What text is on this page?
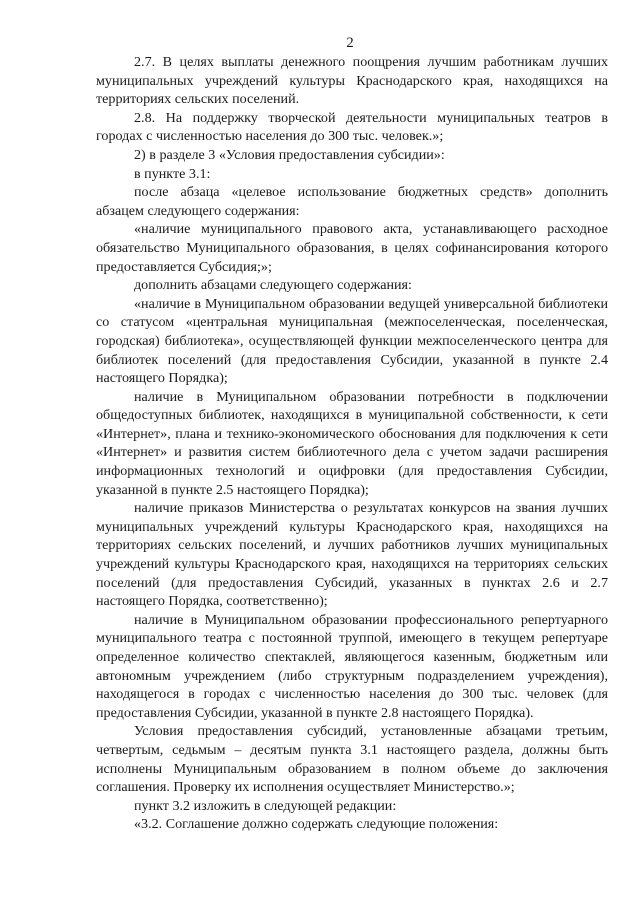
2

2.7. В целях выплаты денежного поощрения лучшим работникам лучших муниципальных учреждений культуры Краснодарского края, находящихся на территориях сельских поселений.

2.8. На поддержку творческой деятельности муниципальных театров в городах с численностью населения до 300 тыс. человек.»;

2) в разделе 3 «Условия предоставления субсидии»:

в пункте 3.1:

после абзаца «целевое использование бюджетных средств» дополнить абзацем следующего содержания:

«наличие муниципального правового акта, устанавливающего расходное обязательство Муниципального образования, в целях софинансирования которого предоставляется Субсидия;»;

дополнить абзацами следующего содержания:

«наличие в Муниципальном образовании ведущей универсальной библиотеки со статусом «центральная муниципальная (межпоселенческая, поселенческая, городская) библиотека», осуществляющей функции межпоселенческого центра для библиотек поселений (для предоставления Субсидии, указанной в пункте 2.4 настоящего Порядка);

наличие в Муниципальном образовании потребности в подключении общедоступных библиотек, находящихся в муниципальной собственности, к сети «Интернет», плана и технико-экономического обоснования для подключения к сети «Интернет» и развития систем библиотечного дела с учетом задачи расширения информационных технологий и оцифровки (для предоставления Субсидии, указанной в пункте 2.5 настоящего Порядка);

наличие приказов Министерства о результатах конкурсов на звания лучших муниципальных учреждений культуры Краснодарского края, находящихся на территориях сельских поселений, и лучших работников лучших муниципальных учреждений культуры Краснодарского края, находящихся на территориях сельских поселений (для предоставления Субсидий, указанных в пунктах 2.6 и 2.7 настоящего Порядка, соответственно);

наличие в Муниципальном образовании профессионального репертуарного муниципального театра с постоянной труппой, имеющего в текущем репертуаре определенное количество спектаклей, являющегося казенным, бюджетным или автономным учреждением (либо структурным подразделением учреждения), находящегося в городах с численностью населения до 300 тыс. человек (для предоставления Субсидии, указанной в пункте 2.8 настоящего Порядка).

Условия предоставления субсидий, установленные абзацами третьим, четвертым, седьмым – десятым пункта 3.1 настоящего раздела, должны быть исполнены Муниципальным образованием в полном объеме до заключения соглашения. Проверку их исполнения осуществляет Министерство.»;

пункт 3.2 изложить в следующей редакции:

«3.2. Соглашение должно содержать следующие положения:
